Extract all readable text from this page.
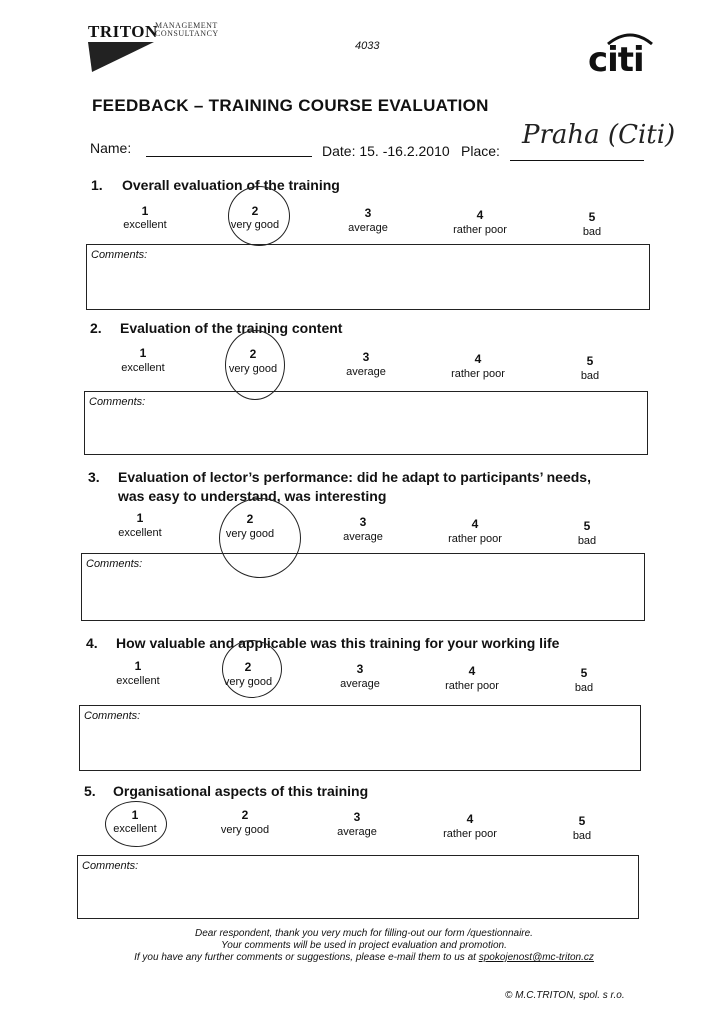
TRITON
MANAGEMENT
CONSULTANCY
4033	citi
FEEDBACK – TRAINING COURSE EVALUATION
Name:	Date: 15. -16.2.2010 Place:
Praha (Citi)
1. Overall evaluation of the training
1
excellent
2
very good
3
average
4
rather poor
5
bad
Comments:
2. Evaluation of the training content
1
excellent
2
very good
3
average
4
rather poor
5
bad
Comments:
3. Evaluation of lector’s performance: did he adapt to participants’ needs,
was easy to understand, was interesting
1
excellent
2
very good
3
average
4
rather poor
5
bad
Comments:
4. How valuable and applicable was this training for your working life
1
excellent
2
very good
3
average
4
rather poor
5
bad
Comments:
5. Organisational aspects of this training
1
excellent
2
very good
3
average
4
rather poor
5
bad
Comments:
Dear respondent, thank you very much for filling-out our form /questionnaire.
Your comments will be used in project evaluation and promotion.
If you have any further comments or suggestions, please e-mail them to us at spokojenost@mc-triton.cz
© M.C.TRITON, spol. s r.o.
